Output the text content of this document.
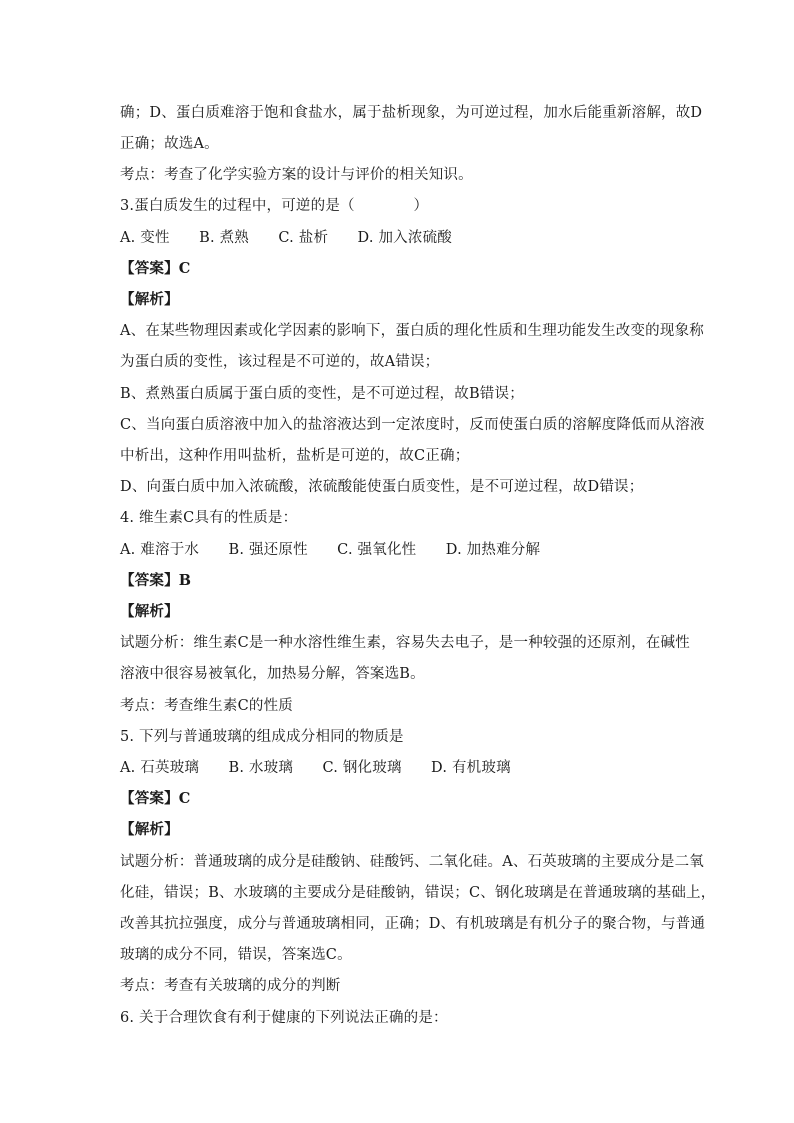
确；D、蛋白质难溶于饱和食盐水，属于盐析现象，为可逆过程，加水后能重新溶解，故D
正确；故选A。
考点：考查了化学实验方案的设计与评价的相关知识。
3.蛋白质发生的过程中，可逆的是（　　　　）
A. 变性　　B. 煮熟　　C. 盐析　　D. 加入浓硫酸
【答案】C
【解析】
A、在某些物理因素或化学因素的影响下，蛋白质的理化性质和生理功能发生改变的现象称
为蛋白质的变性，该过程是不可逆的，故A错误；
B、煮熟蛋白质属于蛋白质的变性，是不可逆过程，故B错误；
C、当向蛋白质溶液中加入的盐溶液达到一定浓度时，反而使蛋白质的溶解度降低而从溶液
中析出，这种作用叫盐析，盐析是可逆的，故C正确；
D、向蛋白质中加入浓硫酸，浓硫酸能使蛋白质变性，是不可逆过程，故D错误；
4. 维生素C具有的性质是：
A. 难溶于水　　B. 强还原性　　C. 强氧化性　　D. 加热难分解
【答案】B
【解析】
试题分析：维生素C是一种水溶性维生素，容易失去电子，是一种较强的还原剂，在碱性
溶液中很容易被氧化，加热易分解，答案选B。
考点：考查维生素C的性质
5. 下列与普通玻璃的组成成分相同的物质是
A. 石英玻璃　　B. 水玻璃　　C. 钢化玻璃　　D. 有机玻璃
【答案】C
【解析】
试题分析：普通玻璃的成分是硅酸钠、硅酸钙、二氧化硅。A、石英玻璃的主要成分是二氧
化硅，错误；B、水玻璃的主要成分是硅酸钠，错误；C、钢化玻璃是在普通玻璃的基础上，
改善其抗拉强度，成分与普通玻璃相同，正确；D、有机玻璃是有机分子的聚合物，与普通
玻璃的成分不同，错误，答案选C。
考点：考查有关玻璃的成分的判断
6. 关于合理饮食有利于健康的下列说法正确的是：
